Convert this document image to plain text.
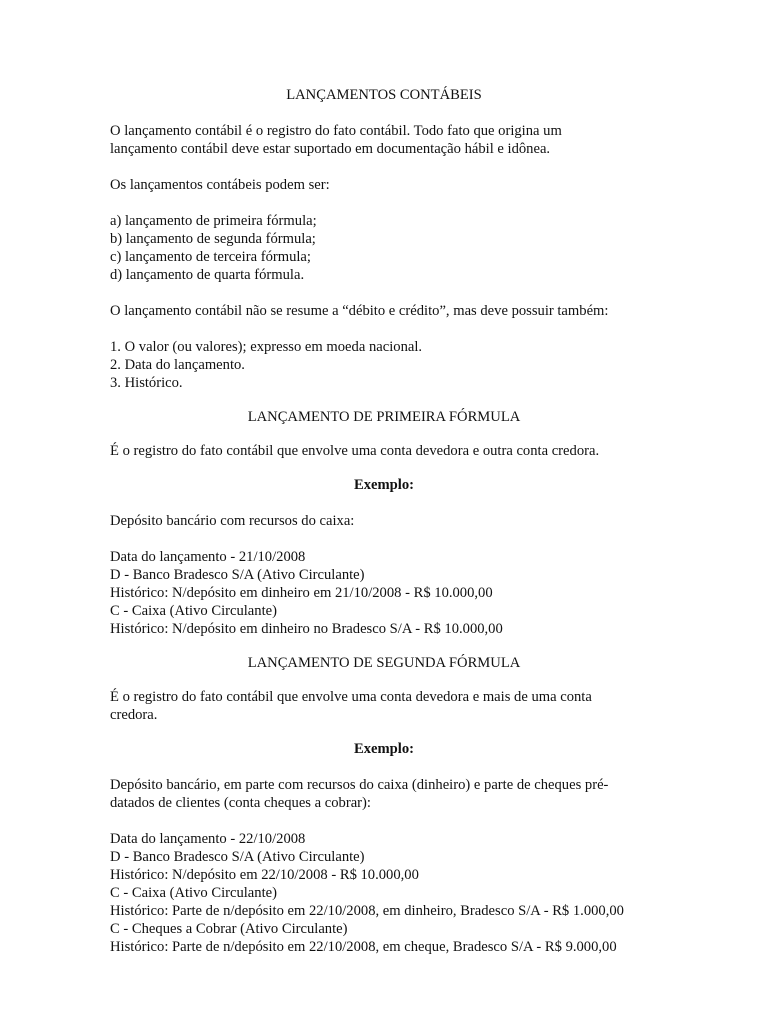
LANÇAMENTOS CONTÁBEIS

O lançamento contábil é o registro do fato contábil. Todo fato que origina um

lançamento contábil deve estar suportado em documentação hábil e idônea.

Os lançamentos contábeis podem ser:

a) lançamento de primeira fórmula;

b) lançamento de segunda fórmula;

c) lançamento de terceira fórmula;

d) lançamento de quarta fórmula.

O lançamento contábil não se resume a “débito e crédito”, mas deve possuir também:

1. O valor (ou valores); expresso em moeda nacional.

2. Data do lançamento.

3. Histórico.

LANÇAMENTO DE PRIMEIRA FÓRMULA

É o registro do fato contábil que envolve uma conta devedora e outra conta credora.

Exemplo:

Depósito bancário com recursos do caixa:

Data do lançamento - 21/10/2008

D - Banco Bradesco S/A (Ativo Circulante)

Histórico: N/depósito em dinheiro em 21/10/2008 - R$ 10.000,00

C - Caixa (Ativo Circulante)

Histórico: N/depósito em dinheiro no Bradesco S/A - R$ 10.000,00

LANÇAMENTO DE SEGUNDA FÓRMULA

É o registro do fato contábil que envolve uma conta devedora e mais de uma conta

credora.

Exemplo:

Depósito bancário, em parte com recursos do caixa (dinheiro) e parte de cheques pré-

datados de clientes (conta cheques a cobrar):

Data do lançamento - 22/10/2008

D - Banco Bradesco S/A (Ativo Circulante)

Histórico: N/depósito em 22/10/2008 - R$ 10.000,00

C - Caixa (Ativo Circulante)

Histórico: Parte de n/depósito em 22/10/2008, em dinheiro, Bradesco S/A - R$ 1.000,00

C - Cheques a Cobrar (Ativo Circulante)

Histórico: Parte de n/depósito em 22/10/2008, em cheque, Bradesco S/A - R$ 9.000,00
